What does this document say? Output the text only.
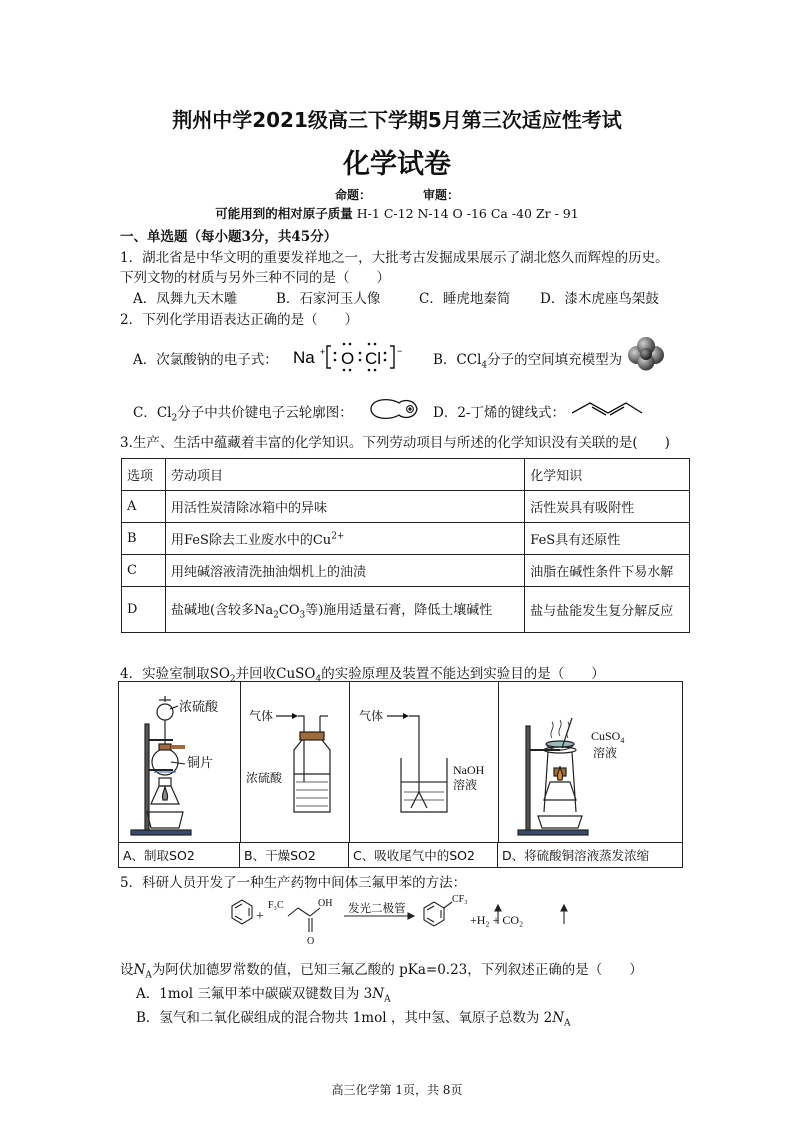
荆州中学2021级高三下学期5月第三次适应性考试
化学试卷
命题：	审题：
可能用到的相对原子质量 H-1 C-12 N-14 O -16 Ca -40 Zr - 91
一、单选题（每小题3分，共45分）
1．湖北省是中华文明的重要发祥地之一，大批考古发掘成果展示了湖北悠久而辉煌的历史。
下列文物的材质与另外三种不同的是（　　）
A．凤舞九天木雕	B．石家河玉人像	C．睡虎地秦简 D．漆木虎座鸟架鼓
2．下列化学用语表达正确的是（　　）
A．次氯酸钠的电子式： Na +	−
O Cl	B．CCl$_4$分子的空间填充模型为
C．$Cl_2$分子中共价键电子云轮廓图：	D．2-丁烯的键线式：
3.生产、生活中蕴藏着丰富的化学知识。下列劳动项目与所述的化学知识没有关联的是(　　)
选项	劳动项目	化学知识
A	用活性炭清除冰箱中的异味	活性炭具有吸附性
B	用FeS除去工业废水中的$Cu^{2+}$	FeS具有还原性
C	用纯碱溶液清洗抽油烟机上的油渍	油脂在碱性条件下易水解
D	盐碱地(含较多$Na_2CO_3$等)施用适量石膏，降低土壤碱性	盐与盐能发生复分解反应
4．实验室制取$SO_2$并回收CuSO$_4$的实验原理及装置不能达到实验目的是（　　）
浓硫酸
铜片
气体
浓硫酸
气体
NaOH
溶液
CuSO$_4$
溶液
A、制取SO2	B、干燥SO2	C、吸收尾气中的SO2	D、将硫酸铜溶液蒸发浓缩
5．科研人员开发了一种生产药物中间体三氟甲苯的方法：
+
F₃C	OH
O
发光二极管
CF₃
+H₂ + CO₂
设$N_A$为阿伏加德罗常数的值，已知三氟乙酸的 pKa=0.23，下列叙述正确的是（　　）
A．1mol 三氟甲苯中碳碳双键数目为 $3N_A$
B．氢气和二氧化碳组成的混合物共 1mol ，其中氢、氧原子总数为 $2N_A$
高三化学第 1页，共 8页
